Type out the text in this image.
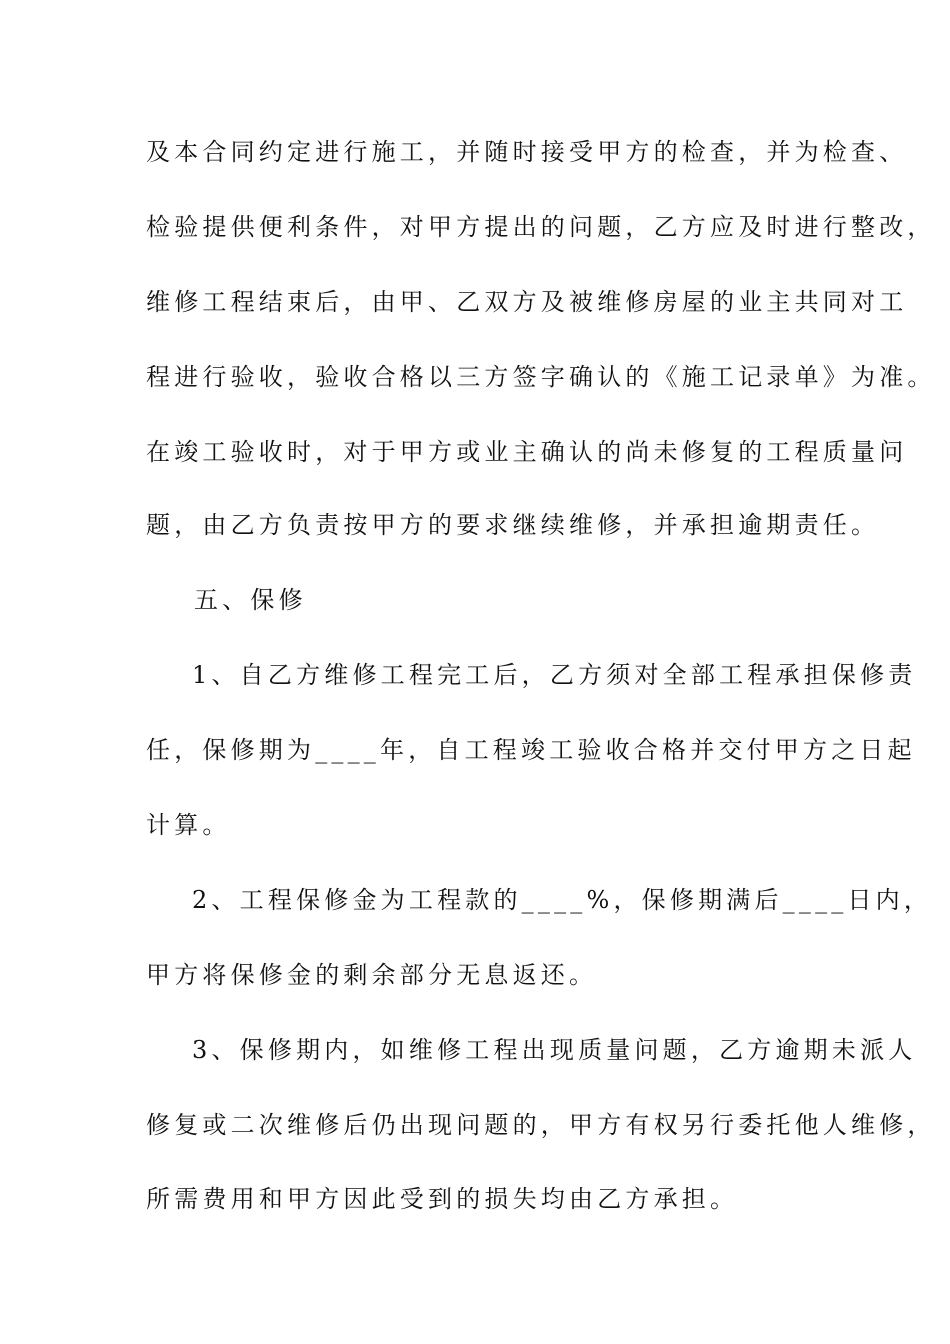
及本合同约定进行施工，并随时接受甲方的检查，并为检查、
检验提供便利条件，对甲方提出的问题，乙方应及时进行整改，
维修工程结束后，由甲、乙双方及被维修房屋的业主共同对工
程进行验收，验收合格以三方签字确认的《施工记录单》为准。
在竣工验收时，对于甲方或业主确认的尚未修复的工程质量问
题，由乙方负责按甲方的要求继续维修，并承担逾期责任。
五、保修
1、自乙方维修工程完工后，乙方须对全部工程承担保修责
任，保修期为____年，自工程竣工验收合格并交付甲方之日起
计算。
2、工程保修金为工程款的____%，保修期满后____日内，
甲方将保修金的剩余部分无息返还。
3、保修期内，如维修工程出现质量问题，乙方逾期未派人
修复或二次维修后仍出现问题的，甲方有权另行委托他人维修，
所需费用和甲方因此受到的损失均由乙方承担。
